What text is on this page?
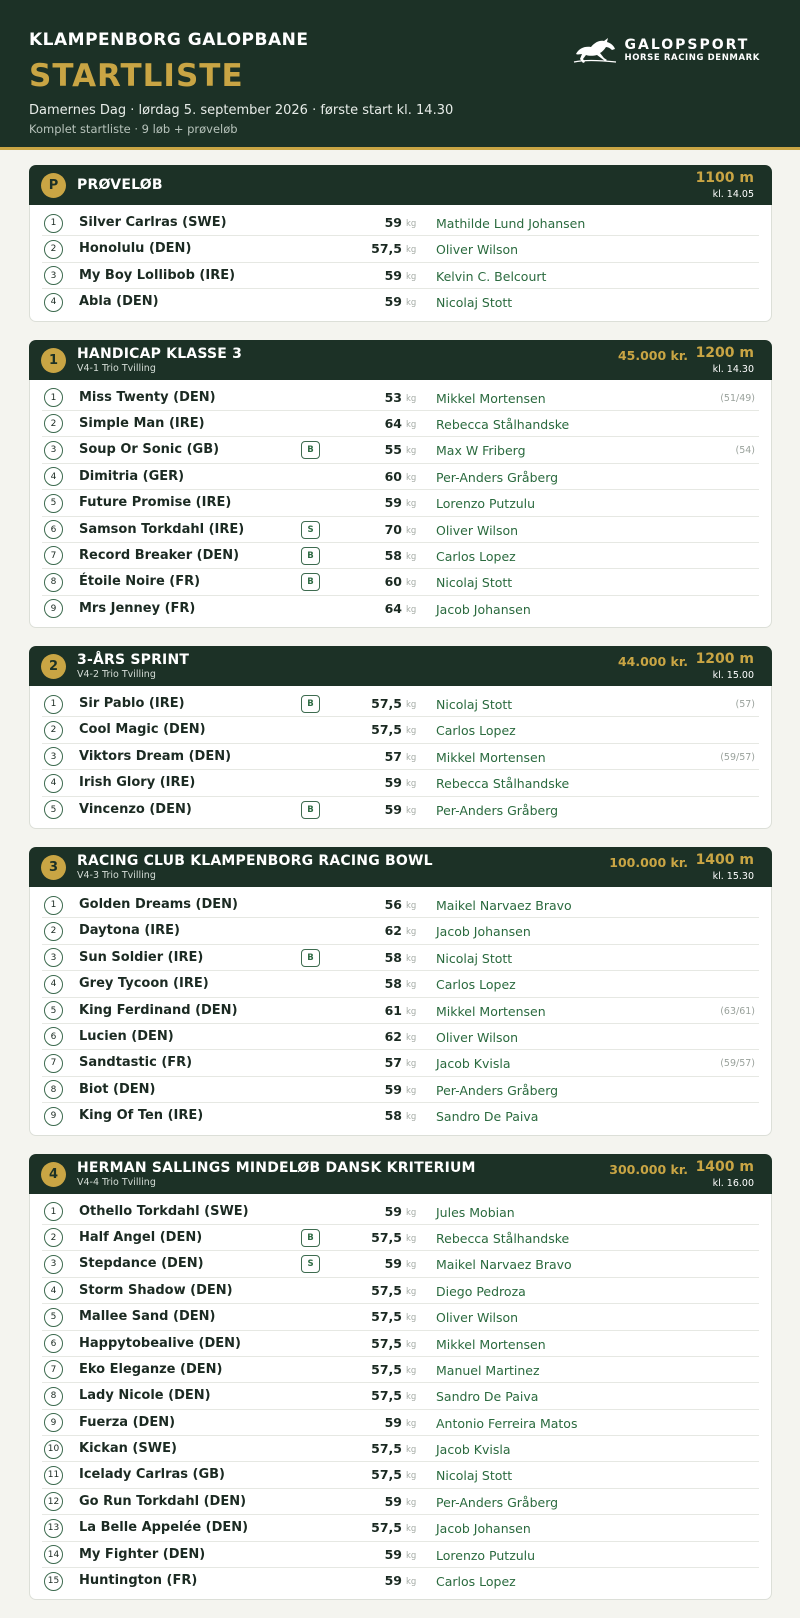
KLAMPENBORG GALOPBANE
STARTLISTE
Damernes Dag · lørdag 5. september 2026 · første start kl. 14.30
Komplet startliste · 9 løb + prøveløb
GALOPSPORT
HORSE RACING DENMARK
P	PRØVELØB	1100 m
kl. 14.05
1	Silver Carlras (SWE)	59 kg Mathilde Lund Johansen
2	Honolulu (DEN)	57,5 kg Oliver Wilson
3	My Boy Lollibob (IRE)	59 kg Kelvin C. Belcourt
4	Abla (DEN)	59 kg Nicolaj Stott
1	HANDICAP KLASSE 3
V4-1 Trio Tvilling
45.000 kr. 1200 m
kl. 14.30
1	Miss Twenty (DEN)	53 kg Mikkel Mortensen	(51/49)
2	Simple Man (IRE)	64 kg Rebecca Stålhandske
3	Soup Or Sonic (GB)	B	55 kg Max W Friberg	(54)
4	Dimitria (GER)	60 kg Per-Anders Gråberg
5	Future Promise (IRE)	59 kg Lorenzo Putzulu
6	Samson Torkdahl (IRE)	S	70 kg Oliver Wilson
7	Record Breaker (DEN)	B	58 kg Carlos Lopez
8	Étoile Noire (FR)	B	60 kg Nicolaj Stott
9	Mrs Jenney (FR)	64 kg Jacob Johansen
2	3-ÅRS SPRINT
V4-2 Trio Tvilling
44.000 kr. 1200 m
kl. 15.00
1	Sir Pablo (IRE)	B	57,5 kg Nicolaj Stott	(57)
2	Cool Magic (DEN)	57,5 kg Carlos Lopez
3	Viktors Dream (DEN)	57 kg Mikkel Mortensen	(59/57)
4	Irish Glory (IRE)	59 kg Rebecca Stålhandske
5	Vincenzo (DEN)	B	59 kg Per-Anders Gråberg
3	RACING CLUB KLAMPENBORG RACING BOWL
V4-3 Trio Tvilling
100.000 kr. 1400 m
kl. 15.30
1	Golden Dreams (DEN)	56 kg Maikel Narvaez Bravo
2	Daytona (IRE)	62 kg Jacob Johansen
3	Sun Soldier (IRE)	B	58 kg Nicolaj Stott
4	Grey Tycoon (IRE)	58 kg Carlos Lopez
5	King Ferdinand (DEN)	61 kg Mikkel Mortensen	(63/61)
6	Lucien (DEN)	62 kg Oliver Wilson
7	Sandtastic (FR)	57 kg Jacob Kvisla	(59/57)
8	Biot (DEN)	59 kg Per-Anders Gråberg
9	King Of Ten (IRE)	58 kg Sandro De Paiva
4	HERMAN SALLINGS MINDELØB DANSK KRITERIUM
V4-4 Trio Tvilling
300.000 kr. 1400 m
kl. 16.00
1	Othello Torkdahl (SWE)	59 kg Jules Mobian
2	Half Angel (DEN)	B	57,5 kg Rebecca Stålhandske
3	Stepdance (DEN)	S	59 kg Maikel Narvaez Bravo
4	Storm Shadow (DEN)	57,5 kg Diego Pedroza
5	Mallee Sand (DEN)	57,5 kg Oliver Wilson
6	Happytobealive (DEN)	57,5 kg Mikkel Mortensen
7	Eko Eleganze (DEN)	57,5 kg Manuel Martinez
8	Lady Nicole (DEN)	57,5 kg Sandro De Paiva
9	Fuerza (DEN)	59 kg Antonio Ferreira Matos
10 Kickan (SWE)	57,5 kg Jacob Kvisla
11 Icelady Carlras (GB)	57,5 kg Nicolaj Stott
12 Go Run Torkdahl (DEN)	59 kg Per-Anders Gråberg
13 La Belle Appelée (DEN)	57,5 kg Jacob Johansen
14 My Fighter (DEN)	59 kg Lorenzo Putzulu
15 Huntington (FR)	59 kg Carlos Lopez
